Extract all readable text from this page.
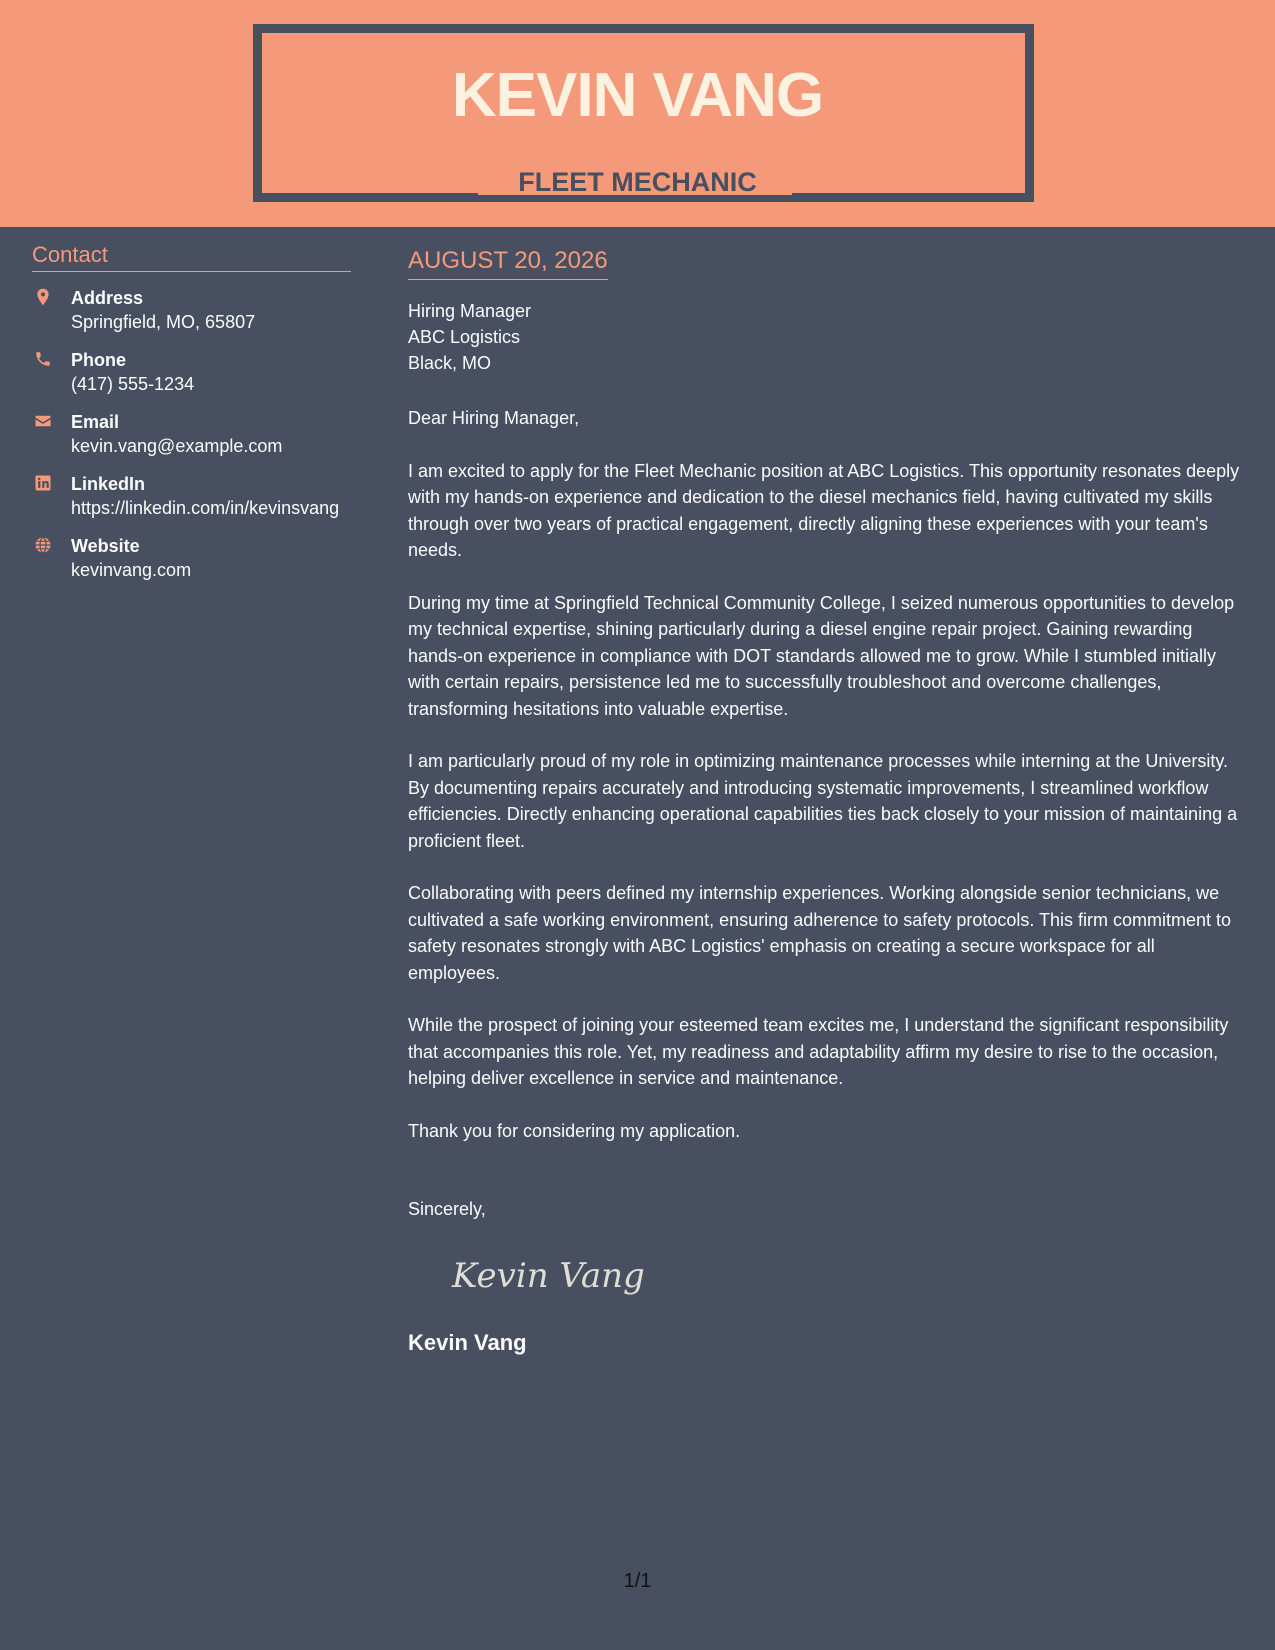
KEVIN VANG
FLEET MECHANIC
Contact
Address
Springfield, MO, 65807
Phone
(417) 555-1234
Email
kevin.vang@example.com
LinkedIn
https://linkedin.com/in/kevinsvang
Website
kevinvang.com
AUGUST 20, 2026
Hiring Manager
ABC Logistics
Black, MO
Dear Hiring Manager,

I am excited to apply for the Fleet Mechanic position at ABC Logistics. This opportunity resonates deeply with my hands-on experience and dedication to the diesel mechanics field, having cultivated my skills through over two years of practical engagement, directly aligning these experiences with your team's needs.

During my time at Springfield Technical Community College, I seized numerous opportunities to develop my technical expertise, shining particularly during a diesel engine repair project. Gaining rewarding hands-on experience in compliance with DOT standards allowed me to grow. While I stumbled initially with certain repairs, persistence led me to successfully troubleshoot and overcome challenges, transforming hesitations into valuable expertise.

I am particularly proud of my role in optimizing maintenance processes while interning at the University. By documenting repairs accurately and introducing systematic improvements, I streamlined workflow efficiencies. Directly enhancing operational capabilities ties back closely to your mission of maintaining a proficient fleet.

Collaborating with peers defined my internship experiences. Working alongside senior technicians, we cultivated a safe working environment, ensuring adherence to safety protocols. This firm commitment to safety resonates strongly with ABC Logistics' emphasis on creating a secure workspace for all employees.

While the prospect of joining your esteemed team excites me, I understand the significant responsibility that accompanies this role. Yet, my readiness and adaptability affirm my desire to rise to the occasion, helping deliver excellence in service and maintenance.

Thank you for considering my application.

Sincerely,
Kevin Vang
Kevin Vang
1/1
